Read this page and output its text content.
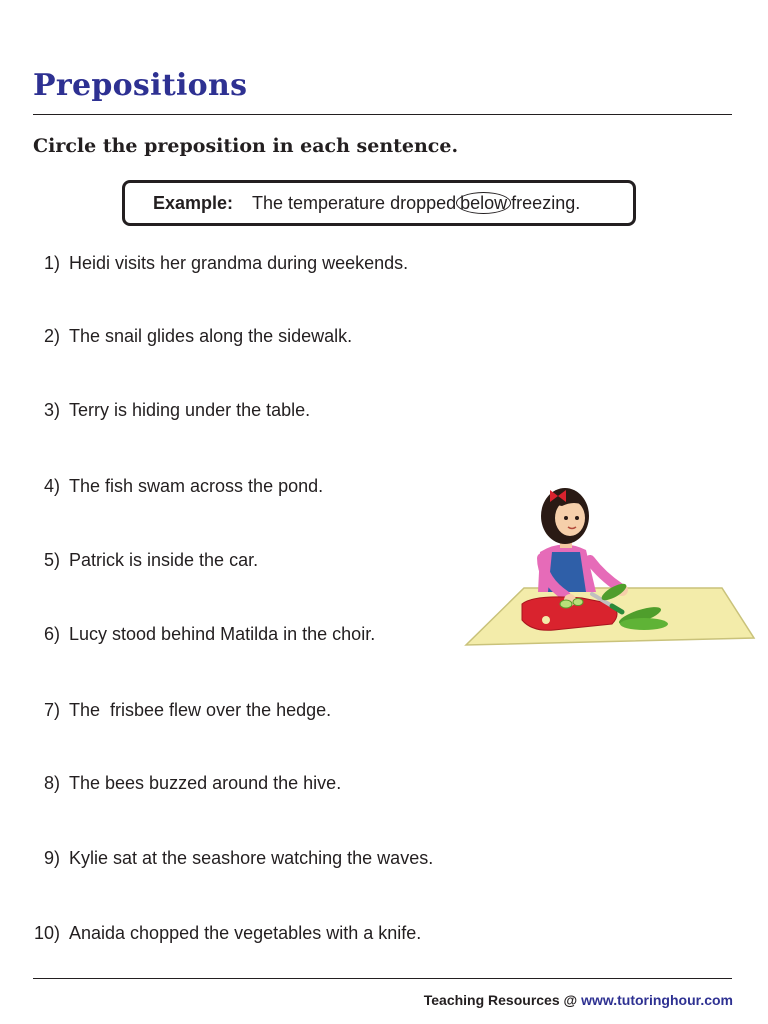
Prepositions

Circle the preposition in each sentence.

Example: The temperature dropped below freezing.
1) Heidi visits her grandma during weekends.
2) The snail glides along the sidewalk.
3) Terry is hiding under the table.
4) The fish swam across the pond.
5) Patrick is inside the car.
6) Lucy stood behind Matilda in the choir.
7) The  frisbee flew over the hedge.
8) The bees buzzed around the hive.
9) Kylie sat at the seashore watching the waves.
10) Anaida chopped the vegetables with a knife.
Teaching Resources @ www.tutoringhour.com
